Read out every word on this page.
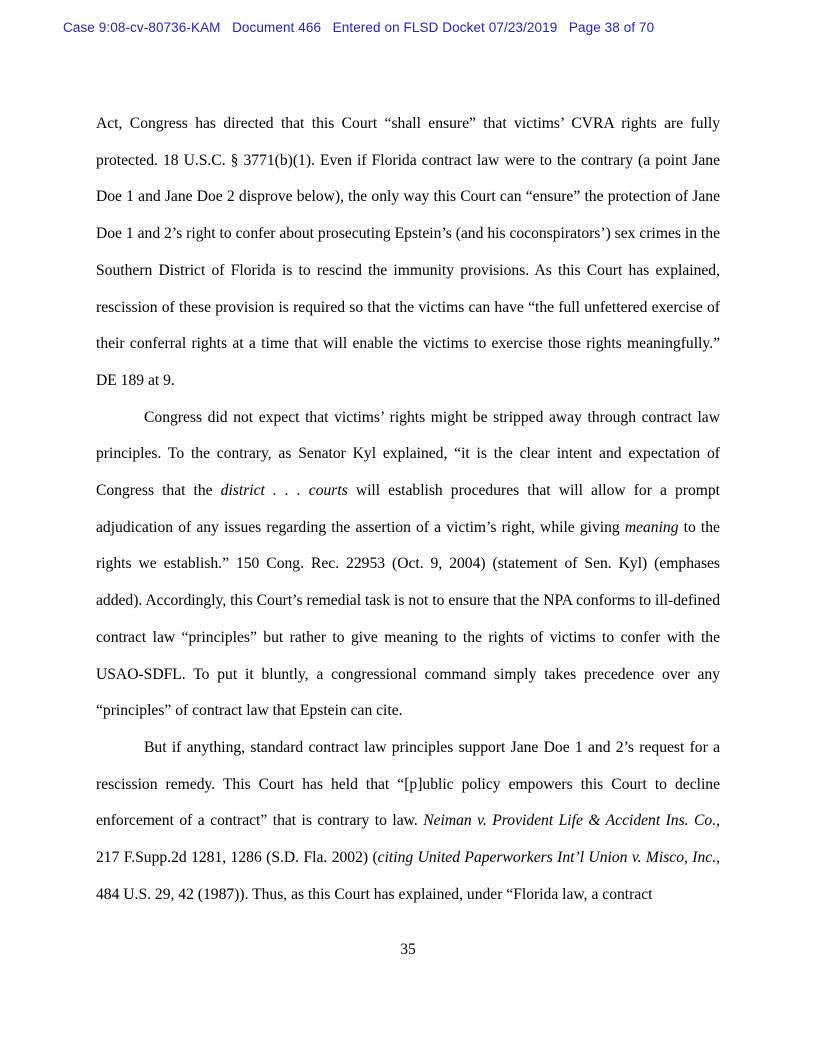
Case 9:08-cv-80736-KAM   Document 466   Entered on FLSD Docket 07/23/2019   Page 38 of 70

Act, Congress has directed that this Court “shall ensure” that victims’ CVRA rights are fully protected. 18 U.S.C. § 3771(b)(1). Even if Florida contract law were to the contrary (a point Jane Doe 1 and Jane Doe 2 disprove below), the only way this Court can “ensure” the protection of Jane Doe 1 and 2’s right to confer about prosecuting Epstein’s (and his coconspirators’) sex crimes in the Southern District of Florida is to rescind the immunity provisions. As this Court has explained, rescission of these provision is required so that the victims can have “the full unfettered exercise of their conferral rights at a time that will enable the victims to exercise those rights meaningfully.” DE 189 at 9.

Congress did not expect that victims’ rights might be stripped away through contract law principles. To the contrary, as Senator Kyl explained, “it is the clear intent and expectation of Congress that the district . . . courts will establish procedures that will allow for a prompt adjudication of any issues regarding the assertion of a victim’s right, while giving meaning to the rights we establish.” 150 Cong. Rec. 22953 (Oct. 9, 2004) (statement of Sen. Kyl) (emphases added). Accordingly, this Court’s remedial task is not to ensure that the NPA conforms to ill-defined contract law “principles” but rather to give meaning to the rights of victims to confer with the USAO-SDFL. To put it bluntly, a congressional command simply takes precedence over any “principles” of contract law that Epstein can cite.

But if anything, standard contract law principles support Jane Doe 1 and 2’s request for a rescission remedy. This Court has held that “[p]ublic policy empowers this Court to decline enforcement of a contract” that is contrary to law. Neiman v. Provident Life & Accident Ins. Co., 217 F.Supp.2d 1281, 1286 (S.D. Fla. 2002) (citing United Paperworkers Int’l Union v. Misco, Inc., 484 U.S. 29, 42 (1987)). Thus, as this Court has explained, under “Florida law, a contract

35
